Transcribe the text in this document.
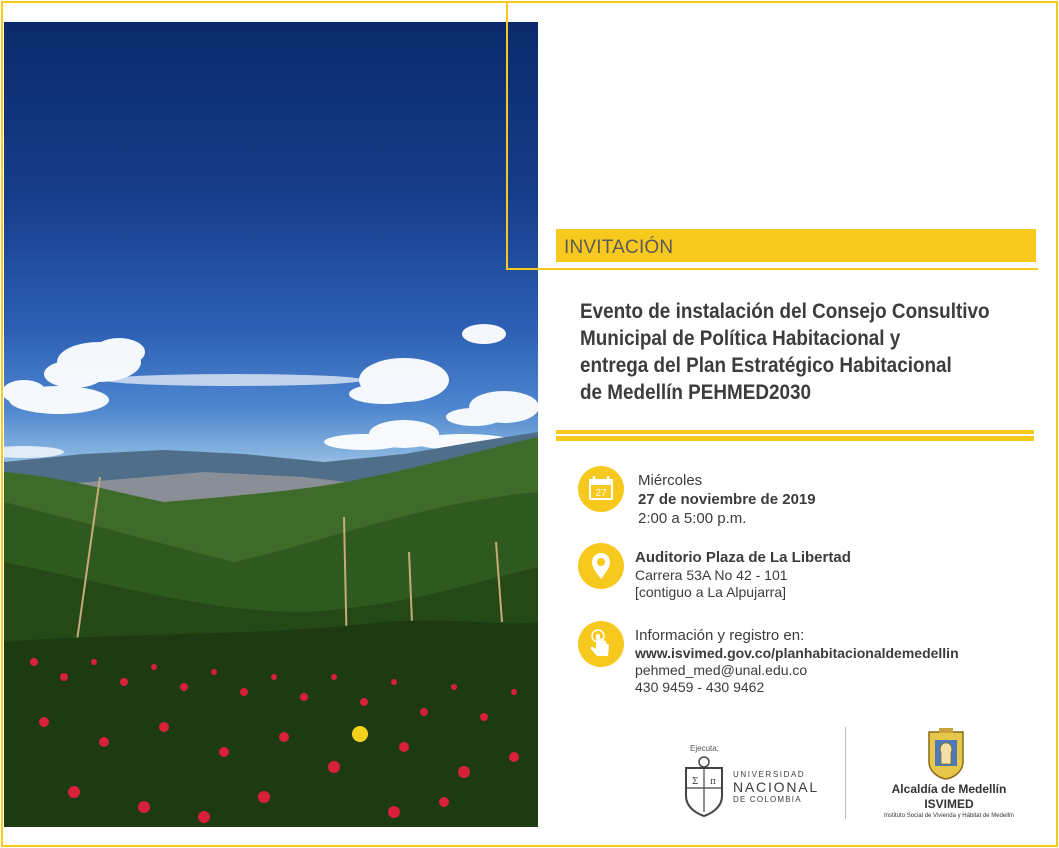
Acciones colectivas
por la vivienda digna y
el hábitat sostenible de
INVITACIÓN
Evento de instalación del Consejo Consultivo
Municipal de Política Habitacional y
entrega del Plan Estratégico Habitacional
de Medellín PEHMED2030
27
Miércoles
27 de noviembre de 2019
2:00 a 5:00 p.m.
Auditorio Plaza de La Libertad
Carrera 53A No 42 - 101
[contiguo a La Alpujarra]
Información y registro en:
www.isvimed.gov.co/planhabitacionaldemedellin
pehmed_med@unal.edu.co
430 9459 - 430 9462
Ejecuta:
Σ π
UNIVERSIDAD
NACIONAL
DE COLOMBIA
Alcaldía de Medellín
ISVIMED
Instituto Social de Vivienda y Hábitat de Medellín
